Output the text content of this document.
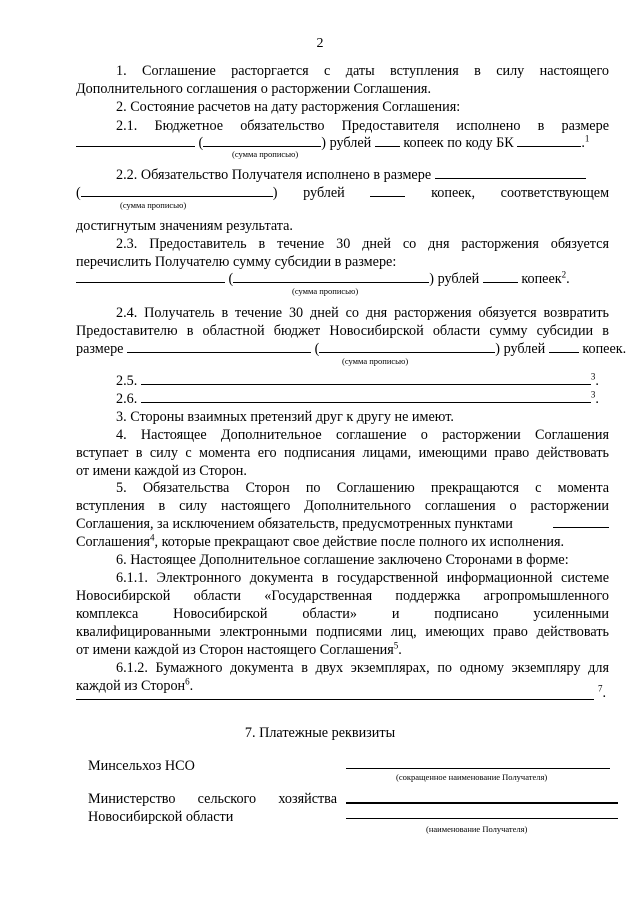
2
1. Соглашение расторгается с даты вступления в силу настоящего
Дополнительного соглашения о расторжении Соглашения.
2. Состояние расчетов на дату расторжения Соглашения:
2.1. Бюджетное обязательство Предоставителя исполнено в размере
(	) рублей копеек по коду БК	.$^1$
(сумма прописью)
2.2. Обязательство Получателя исполнено в размере
(	) рублей	копеек, соответствующем
(сумма прописью)
достигнутым значениям результата.
2.3. Предоставитель в течение 30 дней со дня расторжения обязуется
перечислить Получателю сумму субсидии в размере:
(	) рублей	копеек$^2$.
(сумма прописью)
2.4. Получатель в течение 30 дней со дня расторжения обязуется возвратить
Предоставителю в областной бюджет Новосибирской области сумму субсидии в
размере	(	) рублей	копеек.
(сумма прописью)
2.5.	$^3$.
2.6.	$^3$.
3. Стороны взаимных претензий друг к другу не имеют.
4. Настоящее Дополнительное соглашение о расторжении Соглашения
вступает в силу с момента его подписания лицами, имеющими право действовать
от имени каждой из Сторон.
5. Обязательства Сторон по Соглашению прекращаются с момента
вступления в силу настоящего Дополнительного соглашения о расторжении
Соглашения, за исключением обязательств, предусмотренных пунктами
Соглашения$^4$, которые прекращают свое действие после полного их исполнения.
6. Настоящее Дополнительное соглашение заключено Сторонами в форме:
6.1.1. Электронного документа в государственной информационной системе
Новосибирской области «Государственная поддержка агропромышленного
комплекса Новосибирской области» и подписано усиленными
квалифицированными электронными подписями лиц, имеющих право действовать
от имени каждой из Сторон настоящего Соглашения$^5$.
6.1.2. Бумажного документа в двух экземплярах, по одному экземпляру для
каждой из Сторон$^6$.	$^7$.
7. Платежные реквизиты
Минсельхоз НСО
(сокращенное наименование Получателя)
Министерство сельского хозяйства
Новосибирской области
(наименование Получателя)
